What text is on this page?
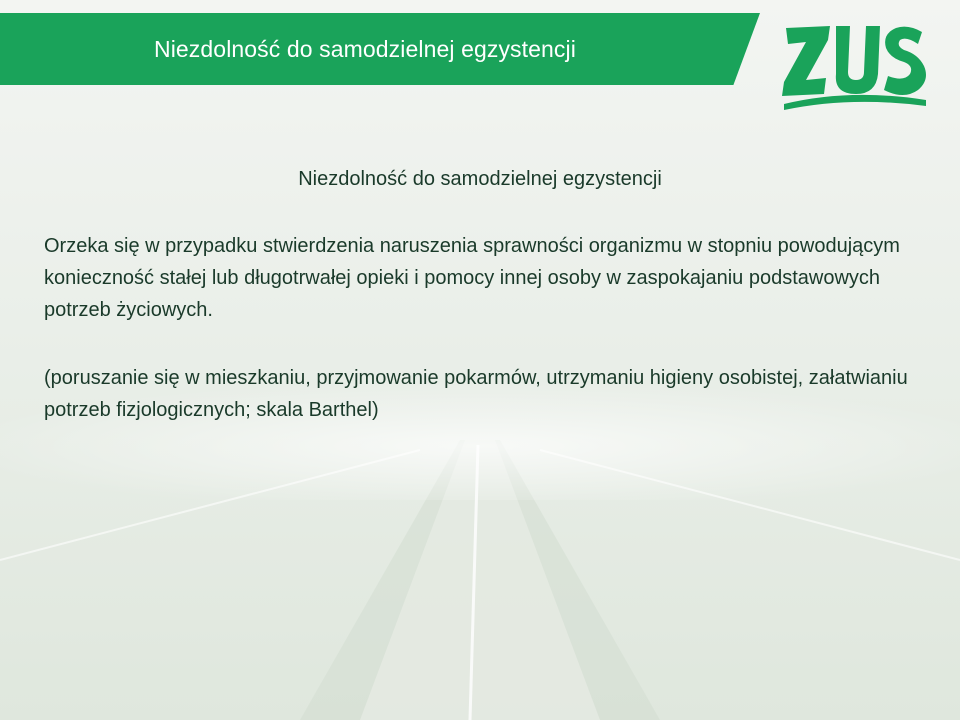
Niezdolność do samodzielnej egzystencji
Niezdolność do samodzielnej egzystencji
Orzeka się w przypadku stwierdzenia naruszenia sprawności organizmu w stopniu powodującym konieczność stałej lub długotrwałej opieki i pomocy innej osoby w zaspokajaniu podstawowych potrzeb życiowych.
(poruszanie się w mieszkaniu, przyjmowanie pokarmów, utrzymaniu higieny osobistej, załatwianiu potrzeb fizjologicznych; skala Barthel)
